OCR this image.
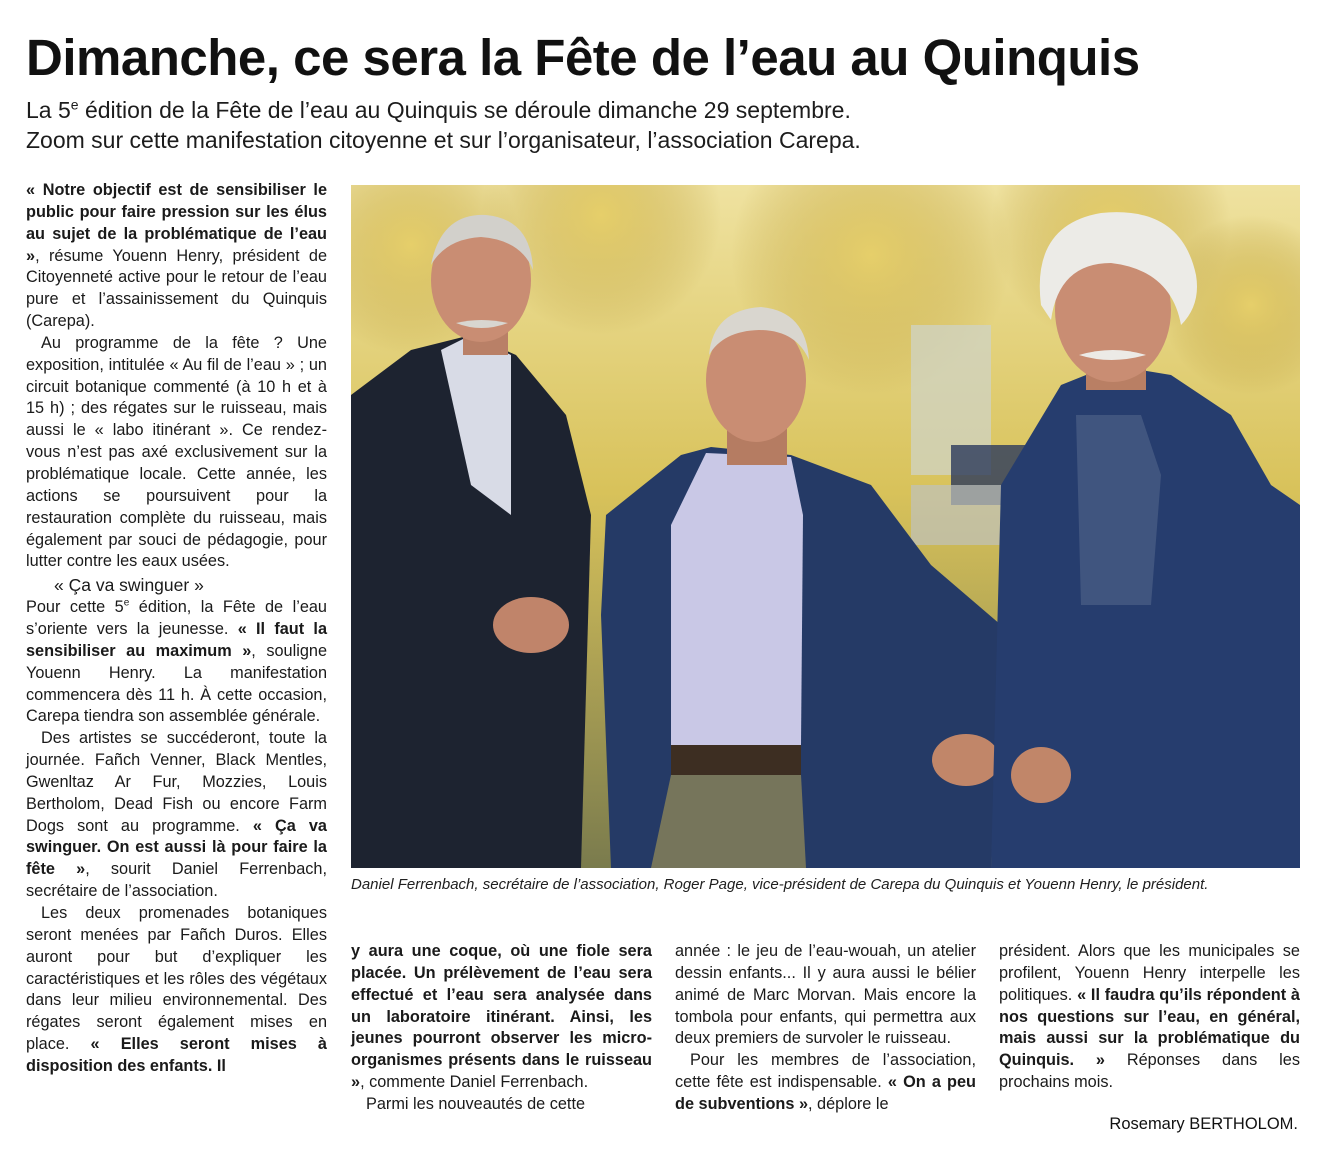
Dimanche, ce sera la Fête de l’eau au Quinquis
La 5e édition de la Fête de l’eau au Quinquis se déroule dimanche 29 septembre.
Zoom sur cette manifestation citoyenne et sur l’organisateur, l’association Carepa.

« Notre objectif est de sensibiliser le public pour faire pression sur les élus au sujet de la problématique de l’eau », résume Youenn Henry, président de Citoyenneté active pour le retour de l’eau pure et l’assainissement du Quinquis (Carepa).

Au programme de la fête ? Une exposition, intitulée « Au fil de l’eau » ; un circuit botanique commenté (à 10 h et à 15 h) ; des régates sur le ruisseau, mais aussi le « labo itinérant ». Ce rendez-vous n’est pas axé exclusivement sur la problématique locale. Cette année, les actions se poursuivent pour la restauration complète du ruisseau, mais également par souci de pédagogie, pour lutter contre les eaux usées.

« Ça va swinguer »

Pour cette 5e édition, la Fête de l’eau s’oriente vers la jeunesse. « Il faut la sensibiliser au maximum », souligne Youenn Henry. La manifestation commencera dès 11 h. À cette occasion, Carepa tiendra son assemblée générale.

Des artistes se succéderont, toute la journée. Fañch Venner, Black Mentles, Gwenltaz Ar Fur, Mozzies, Louis Bertholom, Dead Fish ou encore Farm Dogs sont au programme. « Ça va swinguer. On est aussi là pour faire la fête », sourit Daniel Ferrenbach, secrétaire de l’association.

Les deux promenades botaniques seront menées par Fañch Duros. Elles auront pour but d’expliquer les caractéristiques et les rôles des végétaux dans leur milieu environnemental. Des régates seront également mises en place. « Elles seront mises à disposition des enfants. Il

Daniel Ferrenbach, secrétaire de l’association, Roger Page, vice-président de Carepa du Quinquis et Youenn Henry, le président.

y aura une coque, où une fiole sera placée. Un prélèvement de l’eau sera effectué et l’eau sera analysée dans un laboratoire itinérant. Ainsi, les jeunes pourront observer les micro-organismes présents dans le ruisseau », commente Daniel Ferrenbach.

Parmi les nouveautés de cette

année : le jeu de l’eau-wouah, un atelier dessin enfants... Il y aura aussi le bélier animé de Marc Morvan. Mais encore la tombola pour enfants, qui permettra aux deux premiers de survoler le ruisseau.

Pour les membres de l’association, cette fête est indispensable. « On a peu de subventions », déplore le

président. Alors que les municipales se profilent, Youenn Henry interpelle les politiques. « Il faudra qu’ils répondent à nos questions sur l’eau, en général, mais aussi sur la problématique du Quinquis. » Réponses dans les prochains mois.

Rosemary BERTHOLOM.
